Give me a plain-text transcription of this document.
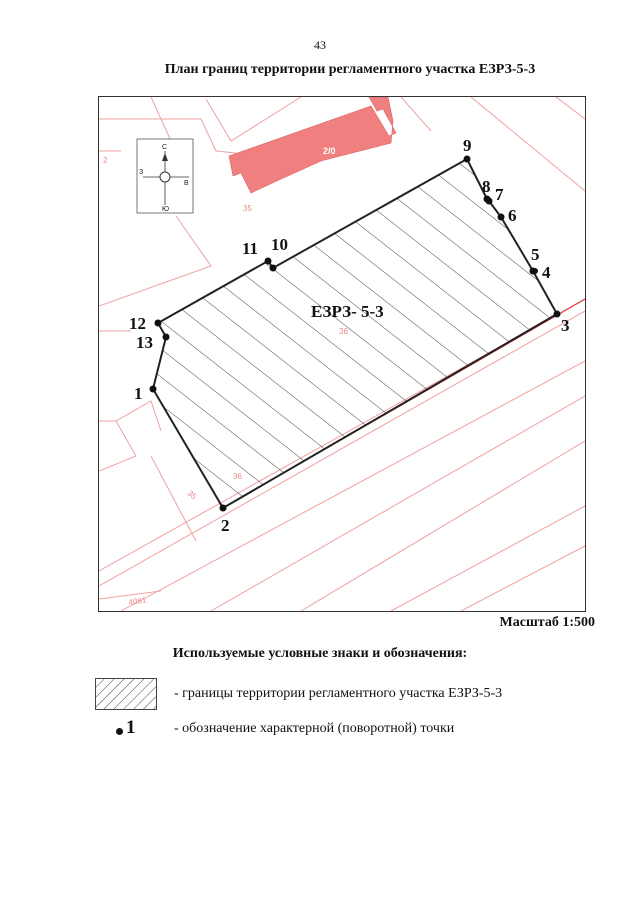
43
План границ территории регламентного участка ЕЗРЗ-5-3
2/0
2
35
35
4081
ЕЗРЗ- 5-3
1
2
3
4
5
6
7
8
9
10
11
12
13
С
Ю
З
В
Масштаб 1:500
Используемые условные знаки и обозначения:
- границы территории регламентного участка ЕЗРЗ-5-3
1	- обозначение характерной (поворотной) точки
